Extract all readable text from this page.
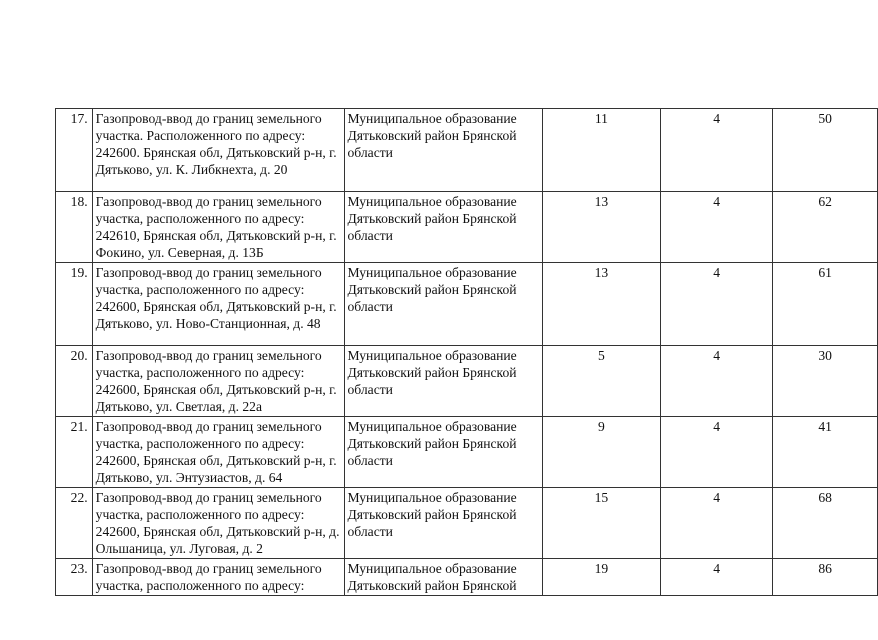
17.	Газопровод-ввод до границ земельного участка. Расположенного по адресу: 242600. Брянская обл, Дятьковский р-н, г. Дятьково, ул. К. Либкнехта, д. 20	Муниципальное образование Дятьковский район Брянской области	11	4	50
18.	Газопровод-ввод до границ земельного участка, расположенного по адресу: 242610, Брянская обл, Дятьковский р-н, г. Фокино, ул. Северная, д. 13Б	Муниципальное образование Дятьковский район Брянской области	13	4	62
19.	Газопровод-ввод до границ земельного участка, расположенного по адресу: 242600, Брянская обл, Дятьковский р-н, г. Дятьково, ул. Ново-Станционная, д. 48	Муниципальное образование Дятьковский район Брянской области	13	4	61
20.	Газопровод-ввод до границ земельного участка, расположенного по адресу: 242600, Брянская обл, Дятьковский р-н, г. Дятьково, ул. Светлая, д. 22а	Муниципальное образование Дятьковский район Брянской области	5	4	30
21.	Газопровод-ввод до границ земельного участка, расположенного по адресу: 242600, Брянская обл, Дятьковский р-н, г. Дятьково, ул. Энтузиастов, д. 64	Муниципальное образование Дятьковский район Брянской области	9	4	41
22.	Газопровод-ввод до границ земельного участка, расположенного по адресу: 242600, Брянская обл, Дятьковский р-н, д. Ольшаница, ул. Луговая, д. 2	Муниципальное образование Дятьковский район Брянской области	15	4	68
23.	Газопровод-ввод до границ земельного участка, расположенного по адресу:	Муниципальное образование Дятьковский район Брянской	19	4	86
